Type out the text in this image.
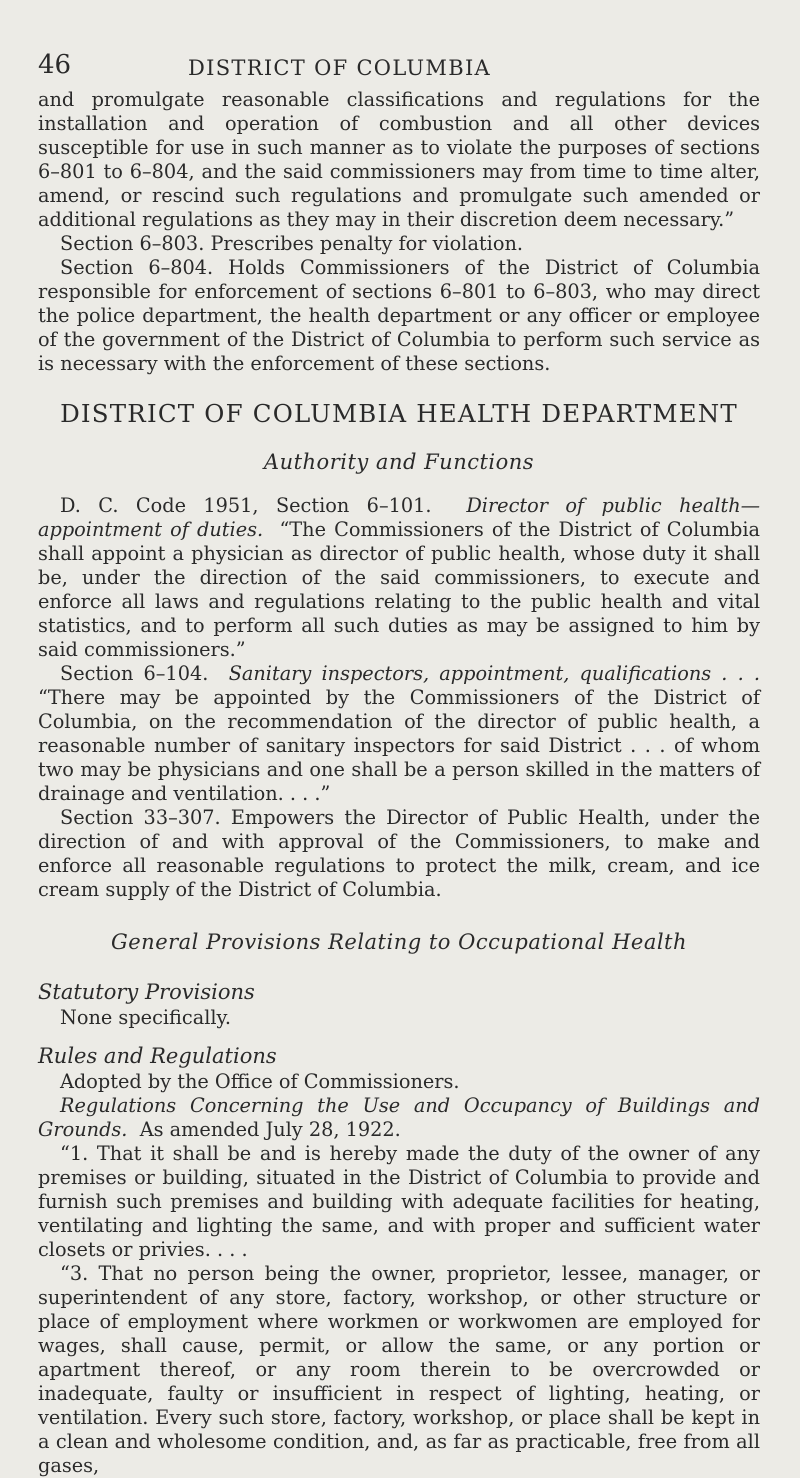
46	DISTRICT OF COLUMBIA

and promulgate reasonable classifications and regulations for the installation and operation of combustion and all other devices susceptible for use in such manner as to violate the purposes of sections 6–801 to 6–804, and the said commissioners may from time to time alter, amend, or rescind such regulations and promulgate such amended or additional regulations as they may in their discretion deem necessary.”

Section 6–803. Prescribes penalty for violation.

Section 6–804. Holds Commissioners of the District of Columbia responsible for enforcement of sections 6–801 to 6–803, who may direct the police department, the health department or any officer or employee of the government of the District of Columbia to perform such service as is necessary with the enforcement of these sections.

DISTRICT OF COLUMBIA HEALTH DEPARTMENT
Authority and Functions

D. C. Code 1951, Section 6–101. Director of public health—appointment of duties. “The Commissioners of the District of Columbia shall appoint a physician as director of public health, whose duty it shall be, under the direction of the said commissioners, to execute and enforce all laws and regulations relating to the public health and vital statistics, and to perform all such duties as may be assigned to him by said commissioners.”

Section 6–104. Sanitary inspectors, appointment, qualifications . . . “There may be appointed by the Commissioners of the District of Columbia, on the recommendation of the director of public health, a reasonable number of sanitary inspectors for said District . . . of whom two may be physicians and one shall be a person skilled in the matters of drainage and ventilation. . . .”

Section 33–307. Empowers the Director of Public Health, under the direction of and with approval of the Commissioners, to make and enforce all reasonable regulations to protect the milk, cream, and ice cream supply of the District of Columbia.

General Provisions Relating to Occupational Health
Statutory Provisions

None specifically.

Rules and Regulations

Adopted by the Office of Commissioners.

Regulations Concerning the Use and Occupancy of Buildings and Grounds. As amended July 28, 1922.

“1. That it shall be and is hereby made the duty of the owner of any premises or building, situated in the District of Columbia to provide and furnish such premises and building with adequate facilities for heating, ventilating and lighting the same, and with proper and sufficient water closets or privies. . . .

“3. That no person being the owner, proprietor, lessee, manager, or superintendent of any store, factory, workshop, or other structure or place of employment where workmen or workwomen are employed for wages, shall cause, permit, or allow the same, or any portion or apartment thereof, or any room therein to be overcrowded or inadequate, faulty or insufficient in respect of lighting, heating, or ventilation. Every such store, factory, workshop, or place shall be kept in a clean and wholesome condition, and, as far as practicable, free from all gases,
